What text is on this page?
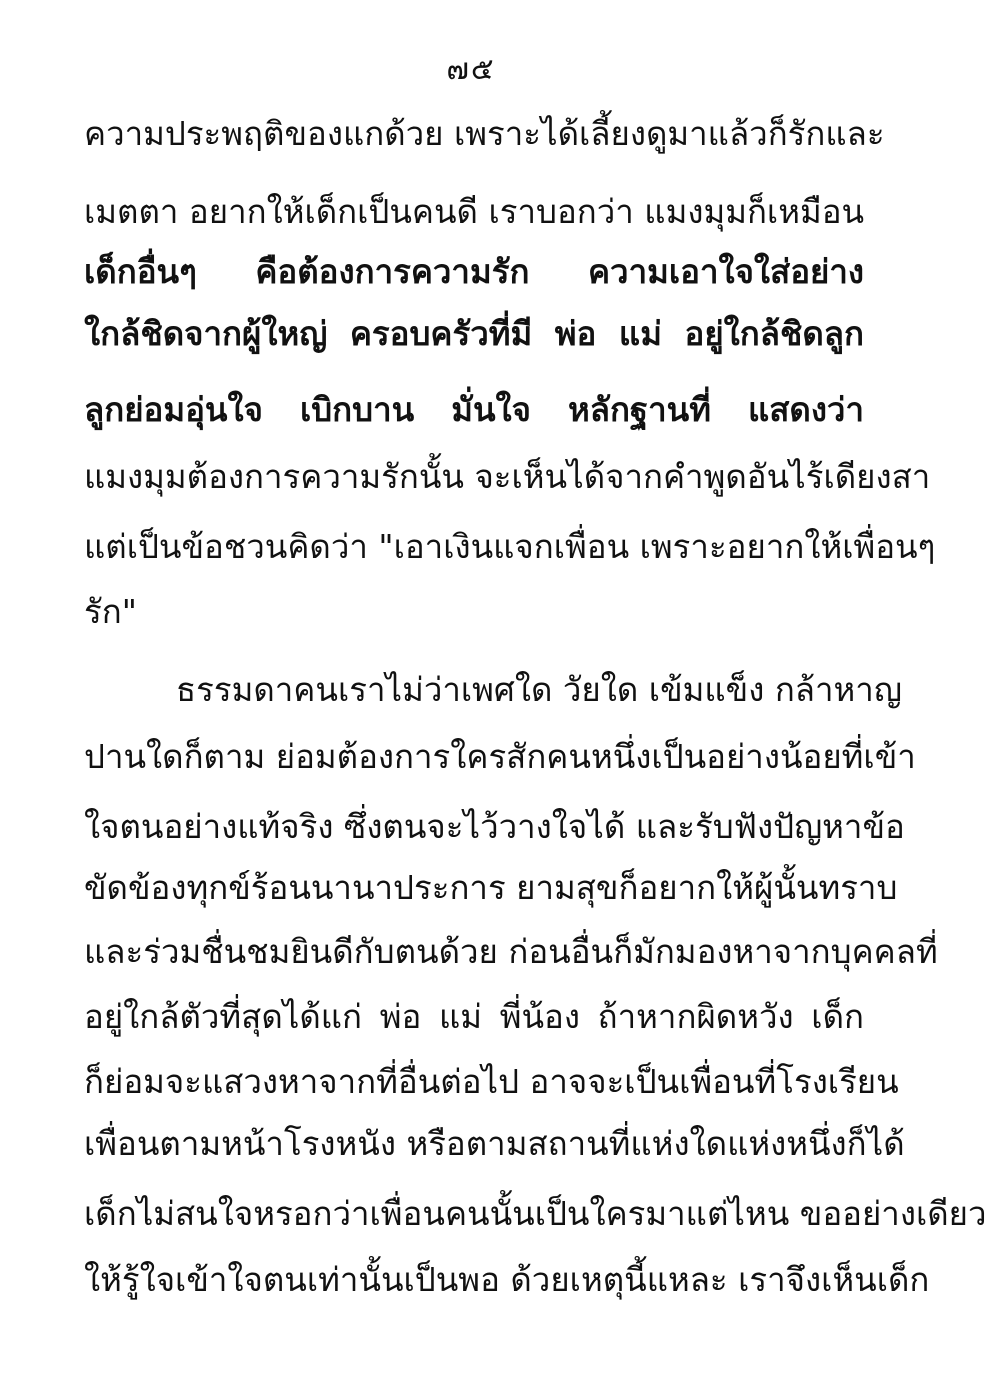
๗๕
ความประพฤติของแกด้วย เพราะได้เลี้ยงดูมาแล้วก็รักและ
เมตตา อยากให้เด็กเป็นคนดี เราบอกว่า แมงมุมก็เหมือน
เด็กอื่นๆ คือต้องการความรัก ความเอาใจใส่อย่าง
ใกล้ชิดจากผู้ใหญ่ ครอบครัวที่มี พ่อ แม่ อยู่ใกล้ชิดลูก
ลูกย่อมอุ่นใจ เบิกบาน มั่นใจ หลักฐานที่ แสดงว่า
แมงมุมต้องการความรักนั้น จะเห็นได้จากคำพูดอันไร้เดียงสา
แต่เป็นข้อชวนคิดว่า "เอาเงินแจกเพื่อน เพราะอยากให้เพื่อนๆ
รัก"
ธรรมดาคนเราไม่ว่าเพศใด วัยใด เข้มแข็ง กล้าหาญ
ปานใดก็ตาม ย่อมต้องการใครสักคนหนึ่งเป็นอย่างน้อยที่เข้า
ใจตนอย่างแท้จริง ซึ่งตนจะไว้วางใจได้ และรับฟังปัญหาข้อ
ขัดข้องทุกข์ร้อนนานาประการ ยามสุขก็อยากให้ผู้นั้นทราบ
และร่วมชื่นชมยินดีกับตนด้วย ก่อนอื่นก็มักมองหาจากบุคคลที่
อยู่ใกล้ตัวที่สุดได้แก่ พ่อ แม่ พี่น้อง ถ้าหากผิดหวัง เด็ก
ก็ย่อมจะแสวงหาจากที่อื่นต่อไป อาจจะเป็นเพื่อนที่โรงเรียน
เพื่อนตามหน้าโรงหนัง หรือตามสถานที่แห่งใดแห่งหนึ่งก็ได้
เด็กไม่สนใจหรอกว่าเพื่อนคนนั้นเป็นใครมาแต่ไหน ขออย่างเดียว
ให้รู้ใจเข้าใจตนเท่านั้นเป็นพอ ด้วยเหตุนี้แหละ เราจึงเห็นเด็ก
